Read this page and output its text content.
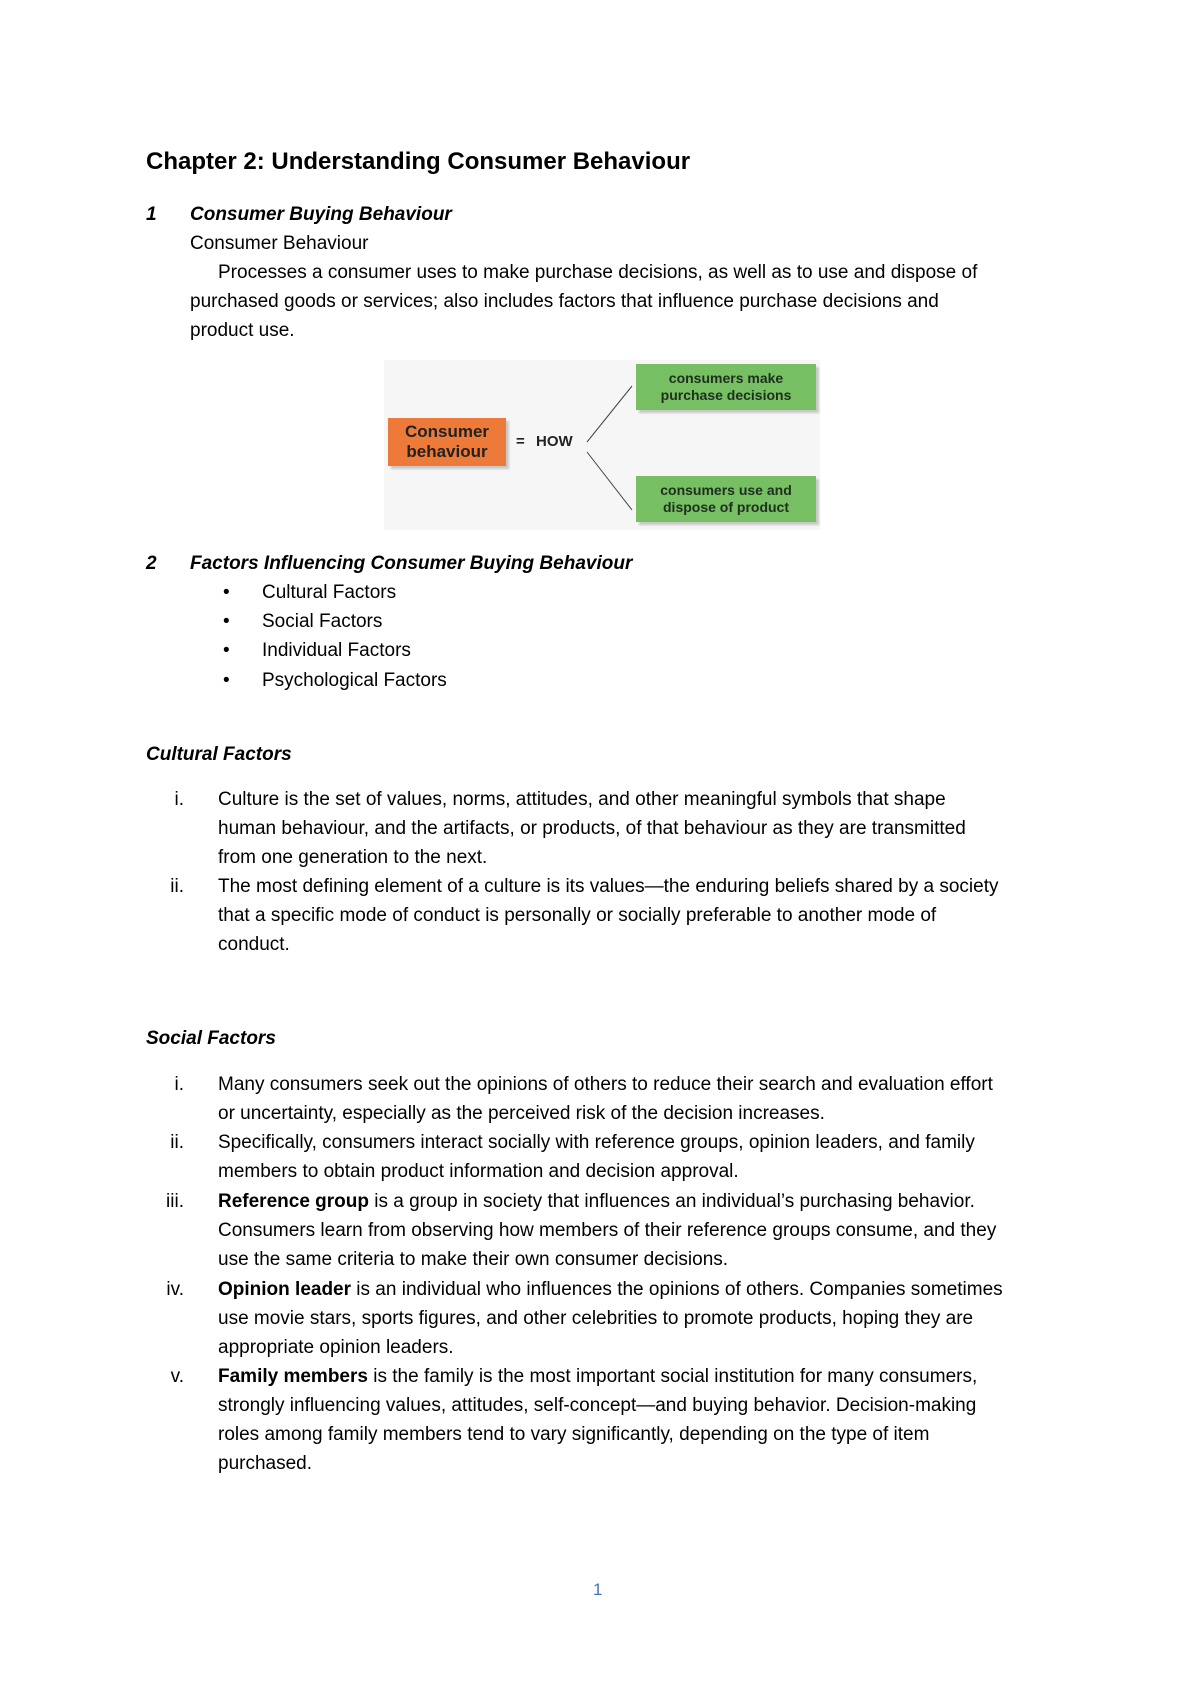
Chapter 2: Understanding Consumer Behaviour
1 Consumer Buying Behaviour
Consumer Behaviour
Processes a consumer uses to make purchase decisions, as well as to use and dispose of
purchased goods or services; also includes factors that influence purchase decisions and
product use.
Consumer
behaviour
= HOW
consumers make
purchase decisions
consumers use and
dispose of product
2 Factors Influencing Consumer Buying Behaviour
• Cultural Factors
• Social Factors
• Individual Factors
• Psychological Factors
Cultural Factors
i. Culture is the set of values, norms, attitudes, and other meaningful symbols that shape
human behaviour, and the artifacts, or products, of that behaviour as they are transmitted
from one generation to the next.
ii. The most defining element of a culture is its values—the enduring beliefs shared by a society
that a specific mode of conduct is personally or socially preferable to another mode of
conduct.
Social Factors
i. Many consumers seek out the opinions of others to reduce their search and evaluation effort
or uncertainty, especially as the perceived risk of the decision increases.
ii. Specifically, consumers interact socially with reference groups, opinion leaders, and family
members to obtain product information and decision approval.
iii. Reference group is a group in society that influences an individual’s purchasing behavior.
Consumers learn from observing how members of their reference groups consume, and they
use the same criteria to make their own consumer decisions.
iv. Opinion leader is an individual who influences the opinions of others. Companies sometimes
use movie stars, sports figures, and other celebrities to promote products, hoping they are
appropriate opinion leaders.
v. Family members is the family is the most important social institution for many consumers,
strongly influencing values, attitudes, self-concept—and buying behavior. Decision-making
roles among family members tend to vary significantly, depending on the type of item
purchased.
1
